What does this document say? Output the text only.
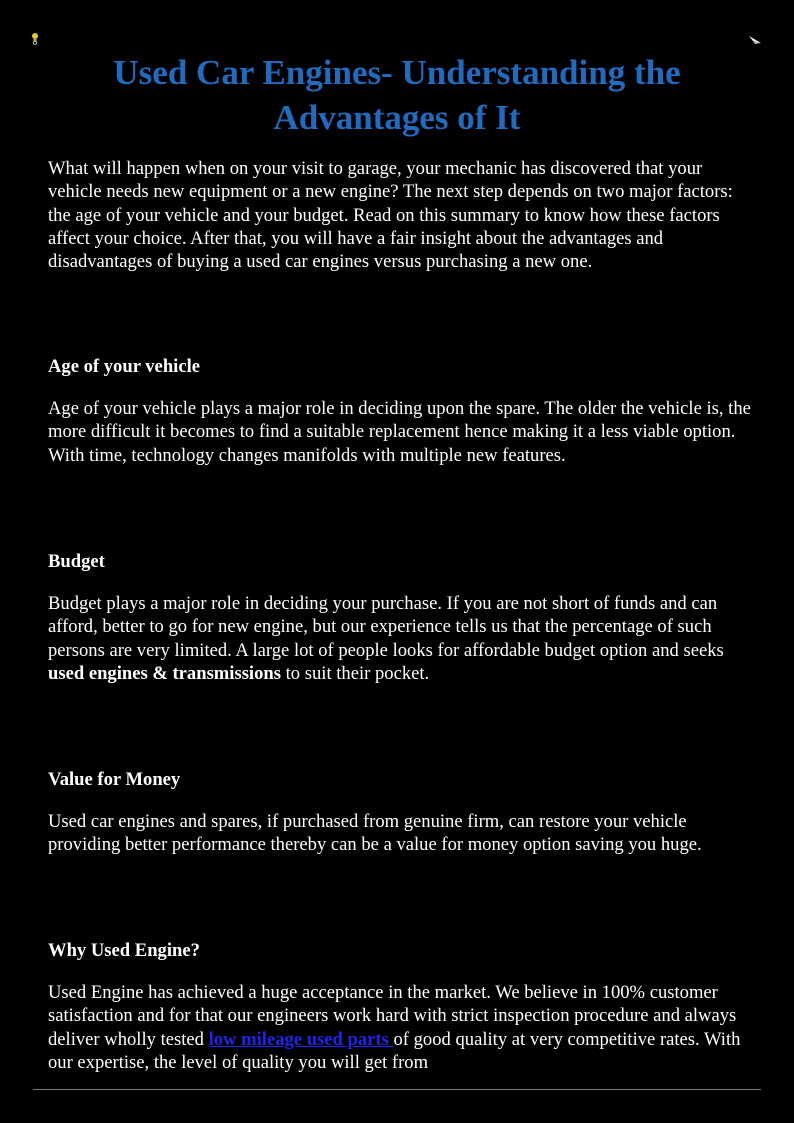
Used Car Engines- Understanding the Advantages of It

What will happen when on your visit to garage, your mechanic has discovered that your vehicle needs new equipment or a new engine? The next step depends on two major factors: the age of your vehicle and your budget. Read on this summary to know how these factors affect your choice. After that, you will have a fair insight about the advantages and disadvantages of buying a used car engines versus purchasing a new one.

Age of your vehicle

Age of your vehicle plays a major role in deciding upon the spare. The older the vehicle is, the more difficult it becomes to find a suitable replacement hence making it a less viable option. With time, technology changes manifolds with multiple new features.

Budget

Budget plays a major role in deciding your purchase. If you are not short of funds and can afford, better to go for new engine, but our experience tells us that the percentage of such persons are very limited. A large lot of people looks for affordable budget option and seeks used engines & transmissions to suit their pocket.

Value for Money

Used car engines and spares, if purchased from genuine firm, can restore your vehicle providing better performance thereby can be a value for money option saving you huge.

Why Used Engine?

Used Engine has achieved a huge acceptance in the market. We believe in 100% customer satisfaction and for that our engineers work hard with strict inspection procedure and always deliver wholly tested low mileage used parts of good quality at very competitive rates. With our expertise, the level of quality you will get from
